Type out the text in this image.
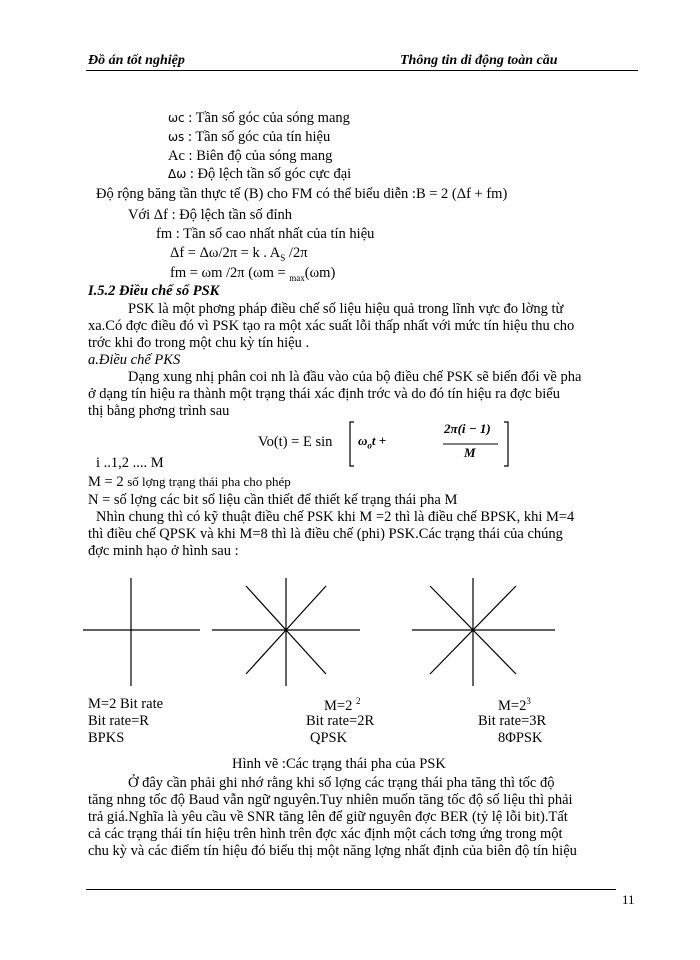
Đồ án tốt nghiệp	Thông tin di động toàn cầu
ωc : Tần số góc của sóng mang
ωs : Tần số góc của tín hiệu
Ac : Biên độ của sóng mang
Δω : Độ lệch tần số góc cực đại
Độ rộng băng tần thực tế (B) cho FM có thể biểu diễn :B = 2 (Δf + fm)
Với Δf : Độ lệch tần số đỉnh
fm : Tần số cao nhất nhất của tín hiệu
Δf = Δω/2π = k . $A_S$ /2π
fm = ωm /2π (ωm = $_{max}$(ωm)
I.5.2 Điều chế số PSK
PSK là một phơng pháp điều chế số liệu hiệu quả trong lĩnh vực đo lờng từ
xa.Có đợc điều đó vì PSK tạo ra một xác suất lỗi thấp nhất với mức tín hiệu thu cho
trớc khi đo trong một chu kỳ tín hiệu .
a.Điều chế PKS
Dạng xung nhị phân coi nh là đầu vào của bộ điều chế PSK sẽ biến đổi về pha
ở dạng tín hiệu ra thành một trạng thái xác định trớc và do đó tín hiệu ra đợc biểu
thị bằng phơng trình sau
Vo(t) = E $\sin \omega_ot$ +
2π(i − 1)
M
i ..1,2 .... M
M = 2 số lợng trạng thái pha cho phép
N = số lợng các bit số liệu cần thiết để thiết kế trạng thái pha M
Nhìn chung thì có kỹ thuật điều chế PSK khi M =2 thì là điều chế BPSK, khi M=4
thì điều chế QPSK và khi M=8 thì là điều chế (phi) PSK.Các trạng thái của chúng
đợc minh hạo ở hình sau :
M=2 Bit rate
Bit rate=R
BPKS
M=2 $^2$
Bit rate=2R
QPSK
$M=2^3$
Bit rate=3R
8ΦPSK
Hình vẽ :Các trạng thái pha của PSK
Ở đây cần phải ghi nhớ rằng khi số lợng các trạng thái pha tăng thì tốc độ
tăng nhng tốc độ Baud vẫn ngữ nguyên.Tuy nhiên muốn tăng tốc độ số liệu thì phải
trả giá.Nghĩa là yêu cầu về SNR tăng lên để giữ nguyên đợc BER (tỷ lệ lỗi bit).Tất
cả các trạng thái tín hiệu trên hình trên đợc xác định một cách tơng ứng trong một
chu kỳ và các điểm tín hiệu đó biểu thị một năng lợng nhất định của biên độ tín hiệu
11
